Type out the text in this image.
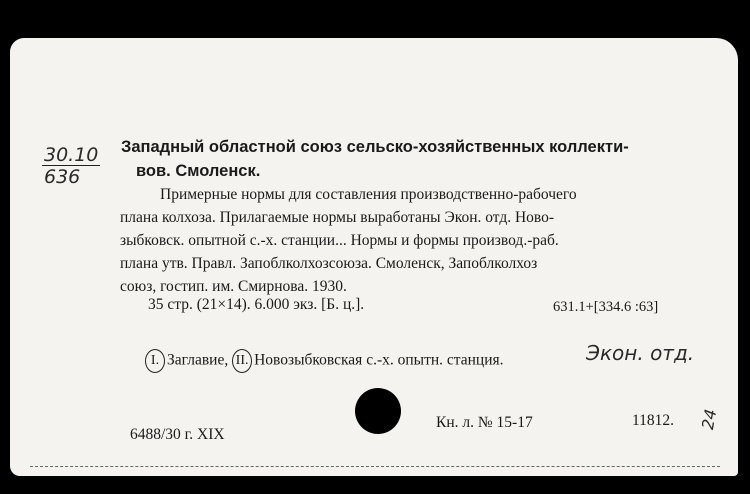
$\frac{30.10}{636}$ Западный областной союз сельско-хозяйственных коллекти-
вов. Смоленск.
Примерные нормы для составления производственно-рабочего
плана колхоза. Прилагаемые нормы выработаны Экон. отд. Ново-
зыбковск. опытной с.-х. станции... Нормы и формы производ.-раб.
плана утв. Правл. Запоблколхозсоюза. Смоленск, Запоблколхоз
союз, гостип. им. Смирнова. 1930.
35 стр. (21×14). 6.000 экз. [Б. ц.].	631.1+[334.6 :63]
I. Заглавие, II. Новозыбковская с.-х. опытн. станция.	Экон. отд.
6488/30 г. XIX
Кн. л. № 15-17	11812. 24
